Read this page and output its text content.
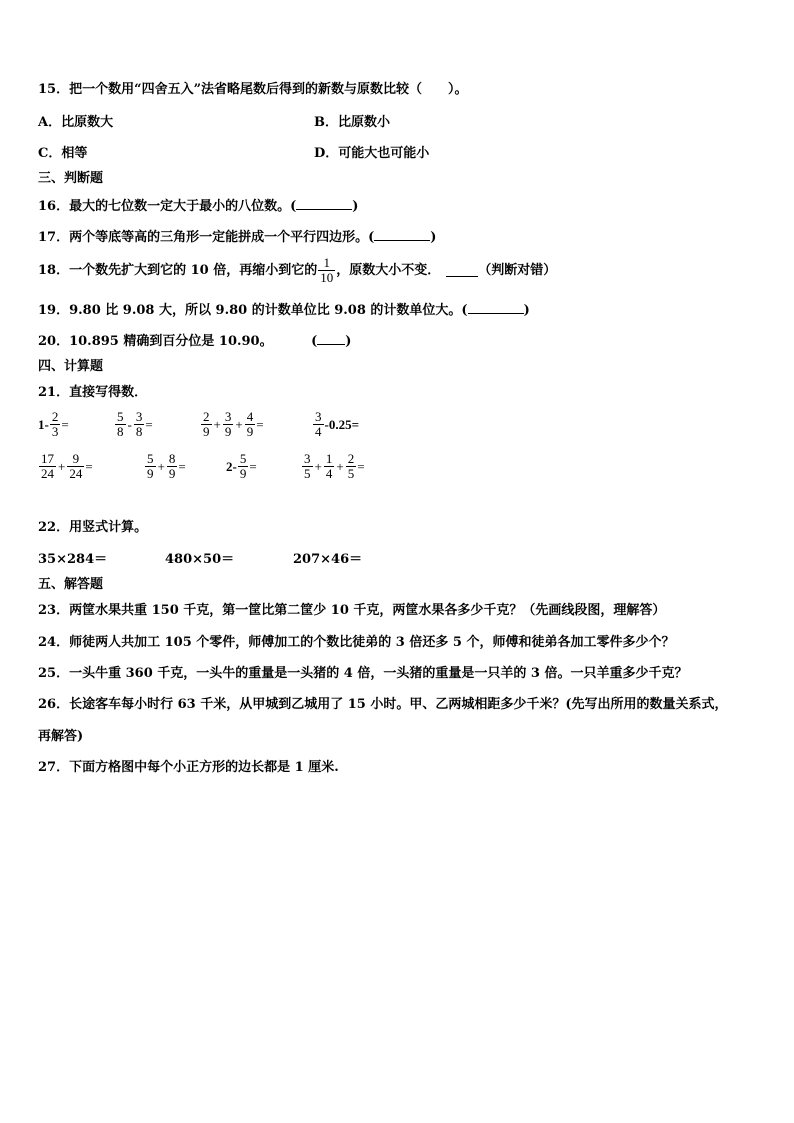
15．把一个数用“四舍五入”法省略尾数后得到的新数与原数比较（　　）。
A．比原数大	B．比原数小
C．相等	D．可能大也可能小
三、判断题
16．最大的七位数一定大于最小的八位数。(	)
17．两个等底等高的三角形一定能拼成一个平行四边形。(	)
18．一个数先扩大到它的 10 倍，再缩小到它的 $\frac{1}{10}$ ，原数大小不变．	（判断对错）
19．9.80 比 9.08 大，所以 9.80 的计数单位比 9.08 的计数单位大。(	)
20．10.895 精确到百分位是 10.90。	( )
四、计算题
21．直接写得数．
$1- \frac{2}{3}$ =	$\frac{5}{8} - \frac{3}{8}$ =	$\frac{2}{9} + \frac{3}{9} + \frac{4}{9}$ =	$\frac{3}{4} -0.25=$
$\frac{17}{24} + \frac{9}{24}$ =	$\frac{5}{9} + \frac{8}{9}$ =	$2- \frac{5}{9}$ =	$\frac{3}{5} + \frac{1}{4} + \frac{2}{5}$ =
22．用竖式计算。
35×284＝	480×50＝	207×46＝
五、解答题
23．两筐水果共重 150 千克，第一筐比第二筐少 10 千克，两筐水果各多少千克？（先画线段图，理解答）
24．师徒两人共加工 105 个零件，师傅加工的个数比徒弟的 3 倍还多 5 个，师傅和徒弟各加工零件多少个？
25．一头牛重 360 千克，一头牛的重量是一头猪的 4 倍，一头猪的重量是一只羊的 3 倍。一只羊重多少千克？
26．长途客车每小时行 63 千米，从甲城到乙城用了 15 小时。甲、乙两城相距多少千米？(先写出所用的数量关系式，
再解答)
27．下面方格图中每个小正方形的边长都是 1 厘米.
